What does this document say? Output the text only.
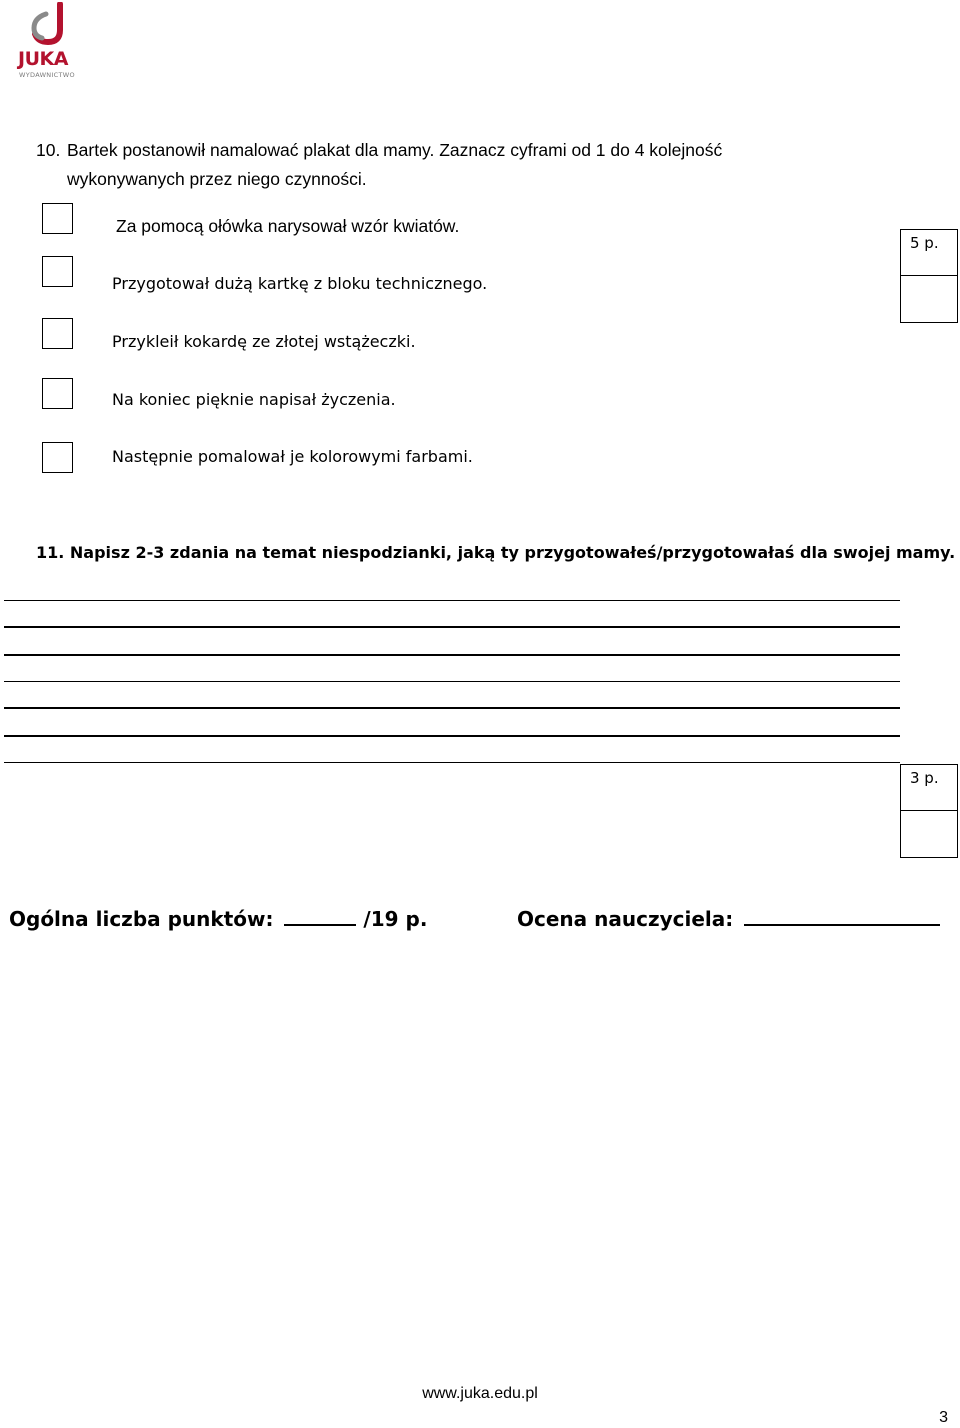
JUKA
WYDAWNICTWO
10. Bartek postanowił namalować plakat dla mamy. Zaznacz cyframi od 1 do 4 kolejność
wykonywanych przez niego czynności.
Za pomocą ołówka narysował wzór kwiatów.
Przygotował dużą kartkę z bloku technicznego.
Przykleił kokardę ze złotej wstążeczki.
Na koniec pięknie napisał życzenia.
Następnie pomalował je kolorowymi farbami.
5 p.
11. Napisz 2-3 zdania na temat niespodzianki, jaką ty przygotowałeś/przygotowałaś dla swojej mamy.
3 p.
Ogólna liczba punktów:	/19 p.	Ocena nauczyciela:
www.juka.edu.pl
3
